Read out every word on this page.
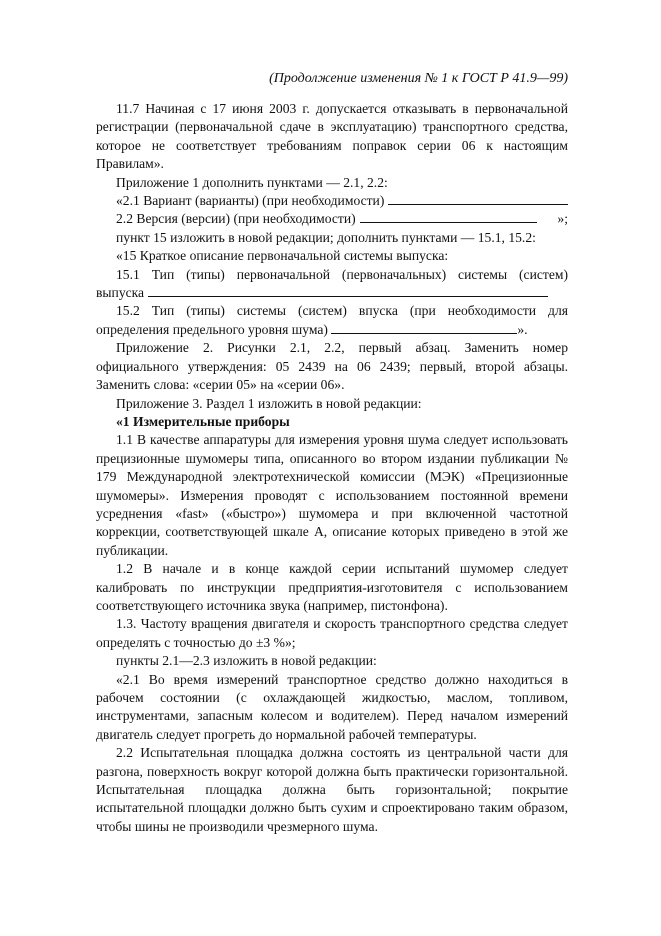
(Продолжение изменения № 1 к ГОСТ Р 41.9—99)

11.7 Начиная с 17 июня 2003 г. допускается отказывать в первоначальной регистрации (первоначальной сдаче в эксплуатацию) транспортного средства, которое не соответствует требованиям поправок серии 06 к настоящим Правилам».

Приложение 1 дополнить пунктами — 2.1, 2.2:

«2.1 Вариант (варианты) (при необходимости)
2.2 Версия (версии) (при необходимости)	»;

пункт 15 изложить в новой редакции; дополнить пунктами — 15.1, 15.2:

«15 Краткое описание первоначальной системы выпуска:

15.1 Тип (типы) первоначальной (первоначальных) системы (систем) выпуска

15.2 Тип (типы) системы (систем) впуска (при необходимости для определения предельного уровня шума)	».

Приложение 2. Рисунки 2.1, 2.2, первый абзац. Заменить номер официального утверждения: 05 2439 на 06 2439; первый, второй абзацы. Заменить слова: «серии 05» на «серии 06».

Приложение 3. Раздел 1 изложить в новой редакции:

«1 Измерительные приборы

1.1 В качестве аппаратуры для измерения уровня шума следует использовать прецизионные шумомеры типа, описанного во втором издании публикации № 179 Международной электротехнической комиссии (МЭК) «Прецизионные шумомеры». Измерения проводят с использованием постоянной времени усреднения «fast» («быстро») шумомера и при включенной частотной коррекции, соответствующей шкале А, описание которых приведено в этой же публикации.

1.2 В начале и в конце каждой серии испытаний шумомер следует калибровать по инструкции предприятия-изготовителя с использованием соответствующего источника звука (например, пистонфона).

1.3. Частоту вращения двигателя и скорость транспортного средства следует определять с точностью до ±3 %»;

пункты 2.1—2.3 изложить в новой редакции:

«2.1 Во время измерений транспортное средство должно находиться в рабочем состоянии (с охлаждающей жидкостью, маслом, топливом, инструментами, запасным колесом и водителем). Перед началом измерений двигатель следует прогреть до нормальной рабочей температуры.

2.2 Испытательная площадка должна состоять из центральной части для разгона, поверхность вокруг которой должна быть практически горизонтальной. Испытательная площадка должна быть горизонтальной; покрытие испытательной площадки должно быть сухим и спроектировано таким образом, чтобы шины не производили чрезмерного шума.
